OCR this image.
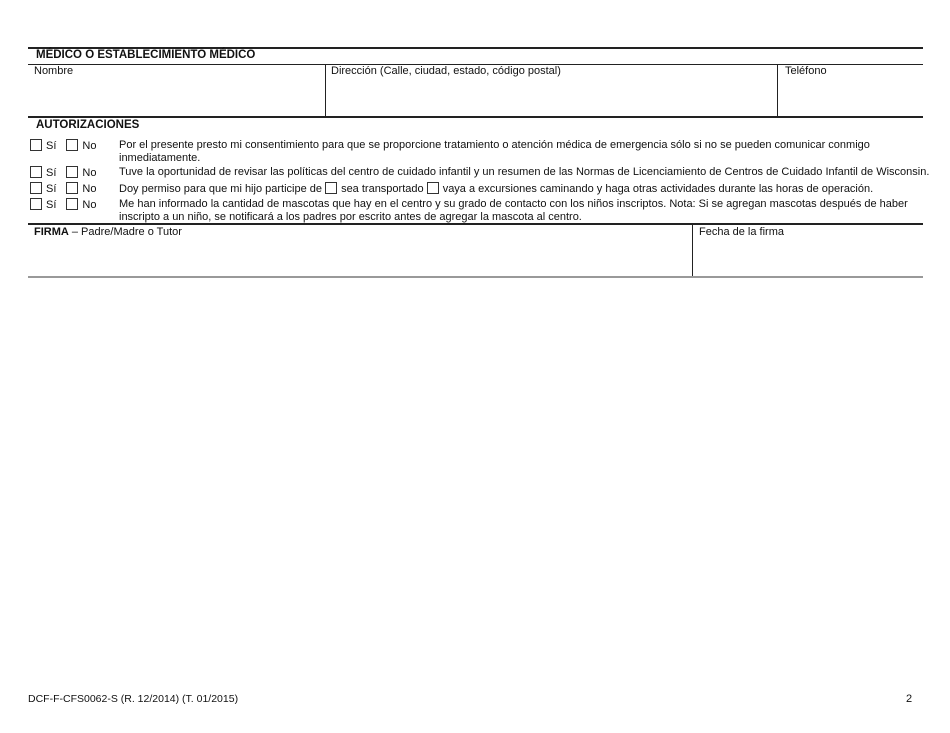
MÉDICO O ESTABLECIMIENTO MÉDICO
Nombre	Dirección (Calle, ciudad, estado, código postal)	Teléfono
AUTORIZACIONES
Sí No Por el presente presto mi consentimiento para que se proporcione tratamiento o atención médica de emergencia sólo si no se pueden comunicar conmigo inmediatamente.
Sí No Tuve la oportunidad de revisar las políticas del centro de cuidado infantil y un resumen de las Normas de Licenciamiento de Centros de Cuidado Infantil de Wisconsin.
Sí No Doy permiso para que mi hijo participe de sea transportado vaya a excursiones caminando y haga otras actividades durante las horas de operación.
Sí No Me han informado la cantidad de mascotas que hay en el centro y su grado de contacto con los niños inscriptos. Nota: Si se agregan mascotas después de haber inscripto a un niño, se notificará a los padres por escrito antes de agregar la mascota al centro.
FIRMA – Padre/Madre o Tutor	Fecha de la firma
DCF-F-CFS0062-S (R. 12/2014) (T. 01/2015)	2
